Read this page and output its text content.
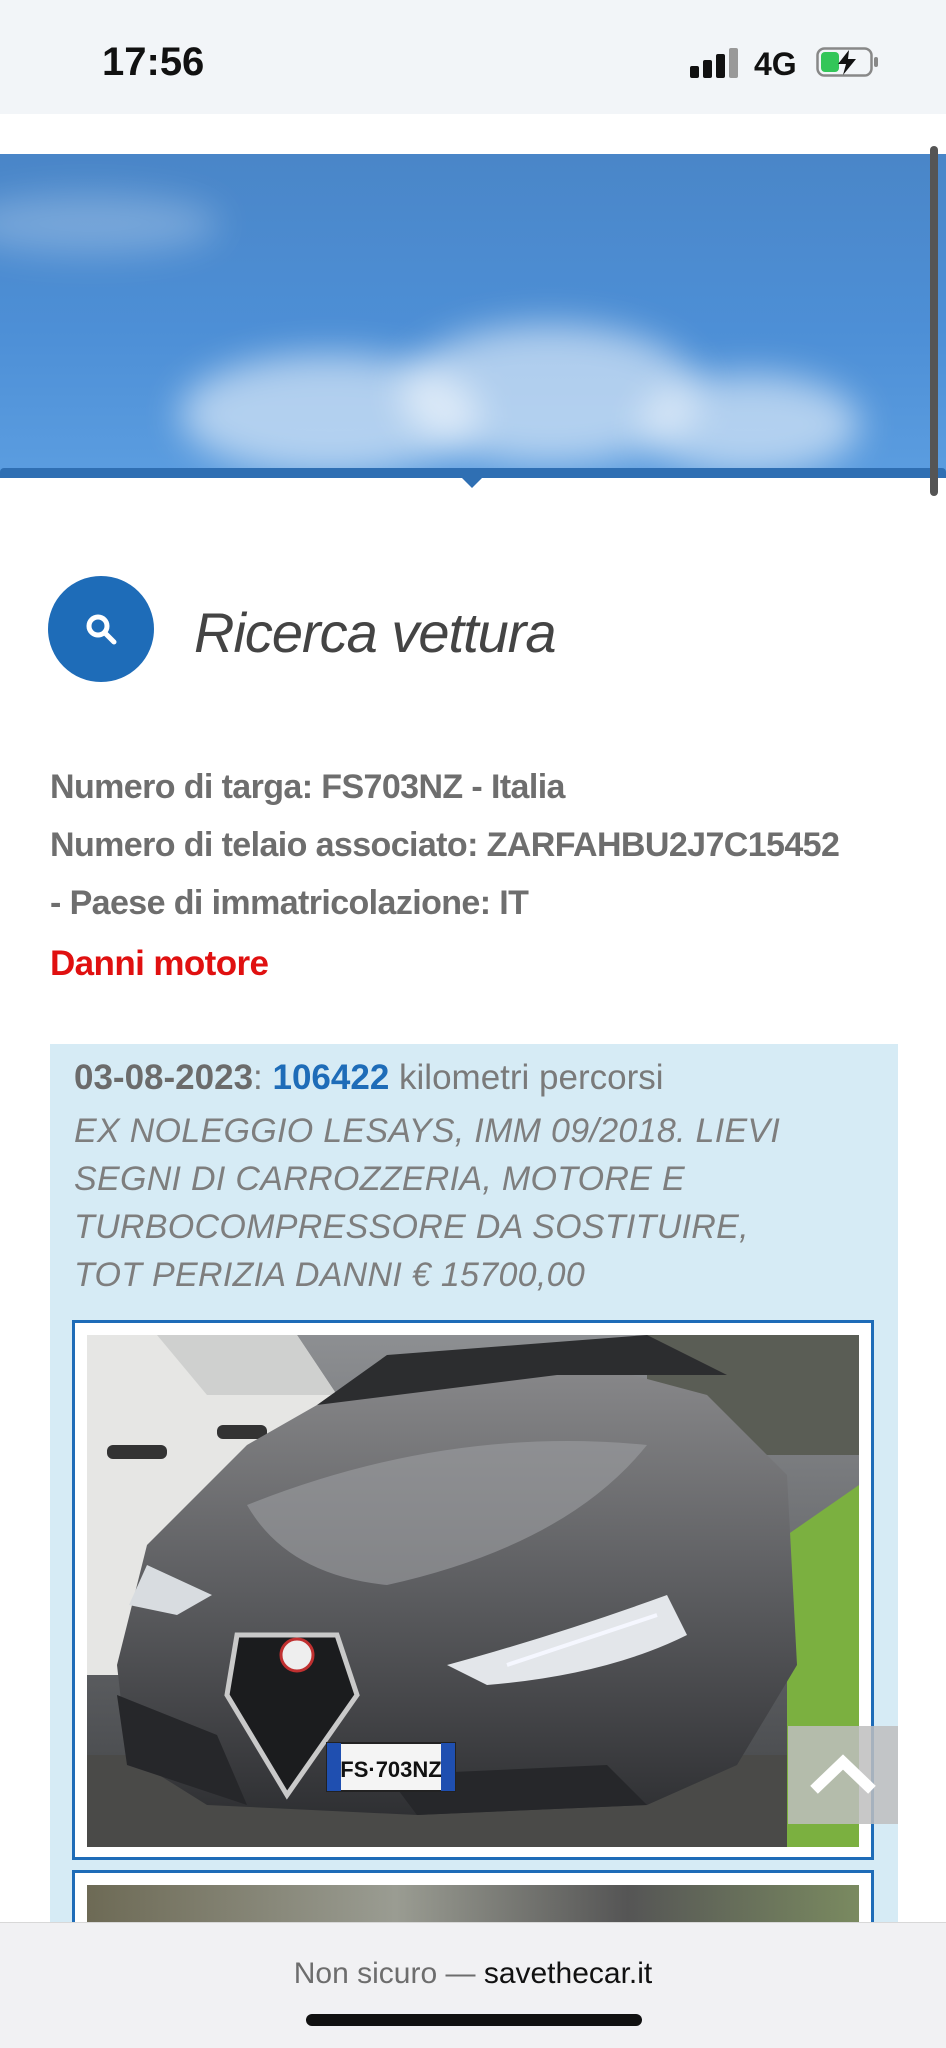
17:56	4G
Ricerca vettura
Numero di targa: FS703NZ - Italia
Numero di telaio associato: ZARFAHBU2J7C15452
- Paese di immatricolazione: IT
Danni motore
03-08-2023: 106422 kilometri percorsi
EX NOLEGGIO LESAYS, IMM 09/2018. LIEVI
SEGNI DI CARROZZERIA, MOTORE E
TURBOCOMPRESSORE DA SOSTITUIRE,
TOT PERIZIA DANNI € 15700,00
FS·703NZ
Non sicuro — savethecar.it
